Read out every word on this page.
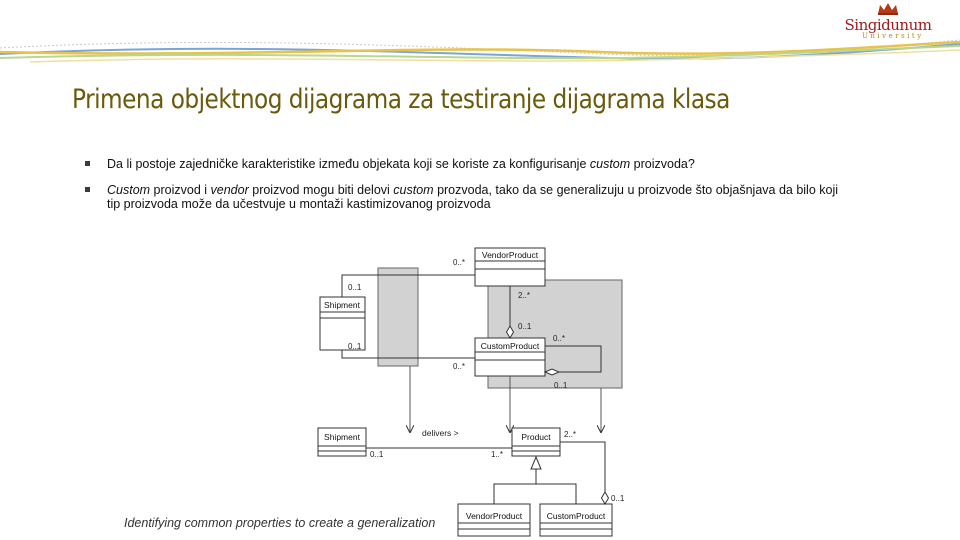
Singidunum
University
Primena objektnog dijagrama za testiranje dijagrama klasa
Da li postoje zajedničke karakteristike između objekata koji se koriste za konfigurisanje custom proizvoda?
Custom proizvod i vendor proizvod mogu biti delovi custom prozvoda, tako da se generalizuju u proizvode što objašnjava da bilo koji tip proizvoda može da učestvuje u montaži kastimizovanog proizvoda
Shipment
VendorProduct
CustomProduct
0..*
0..1
0..1
2..*
0..1
0..*
0..*
0..1
Shipment	Product
VendorProduct	CustomProduct
delivers >
0..1	1..*
2..*
0..1

Identifying common properties to create a generalization
